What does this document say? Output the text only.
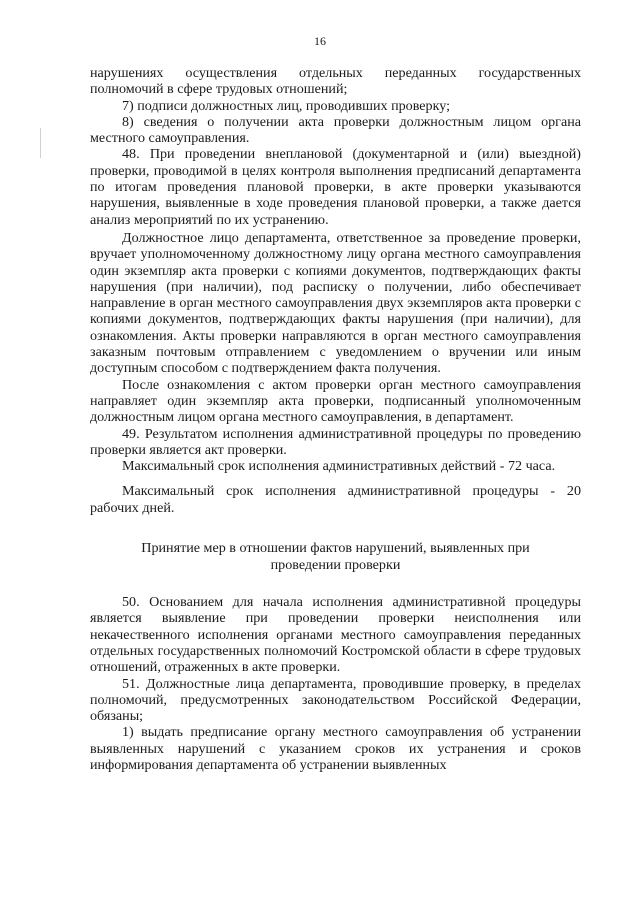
16

нарушениях осуществления отдельных переданных государственных полномочий в сфере трудовых отношений;

7) подписи должностных лиц, проводивших проверку;

8) сведения о получении акта проверки должностным лицом органа местного самоуправления.

48. При проведении внеплановой (документарной и (или) выездной) проверки, проводимой в целях контроля выполнения предписаний департамента по итогам проведения плановой проверки, в акте проверки указываются нарушения, выявленные в ходе проведения плановой проверки, а также дается анализ мероприятий по их устранению.

Должностное лицо департамента, ответственное за проведение проверки, вручает уполномоченному должностному лицу органа местного самоуправления один экземпляр акта проверки с копиями документов, подтверждающих факты нарушения (при наличии), под расписку о получении, либо обеспечивает направление в орган местного самоуправления двух экземпляров акта проверки с копиями документов, подтверждающих факты нарушения (при наличии), для ознакомления. Акты проверки направляются в орган местного самоуправления заказным почтовым отправлением с уведомлением о вручении или иным доступным способом с подтверждением факта получения.

После ознакомления с актом проверки орган местного самоуправления направляет один экземпляр акта проверки, подписанный уполномоченным должностным лицом органа местного самоуправления, в департамент.

49. Результатом исполнения административной процедуры по проведению проверки является акт проверки.

Максимальный срок исполнения административных действий - 72 часа.

Максимальный срок исполнения административной процедуры - 20 рабочих дней.

Принятие мер в отношении фактов нарушений, выявленных при
проведении проверки

50. Основанием для начала исполнения административной процедуры является выявление при проведении проверки неисполнения или некачественного исполнения органами местного самоуправления переданных отдельных государственных полномочий Костромской области в сфере трудовых отношений, отраженных в акте проверки.

51. Должностные лица департамента, проводившие проверку, в пределах полномочий, предусмотренных законодательством Российской Федерации, обязаны;

1) выдать предписание органу местного самоуправления об устранении выявленных нарушений с указанием сроков их устранения и сроков информирования департамента об устранении выявленных
